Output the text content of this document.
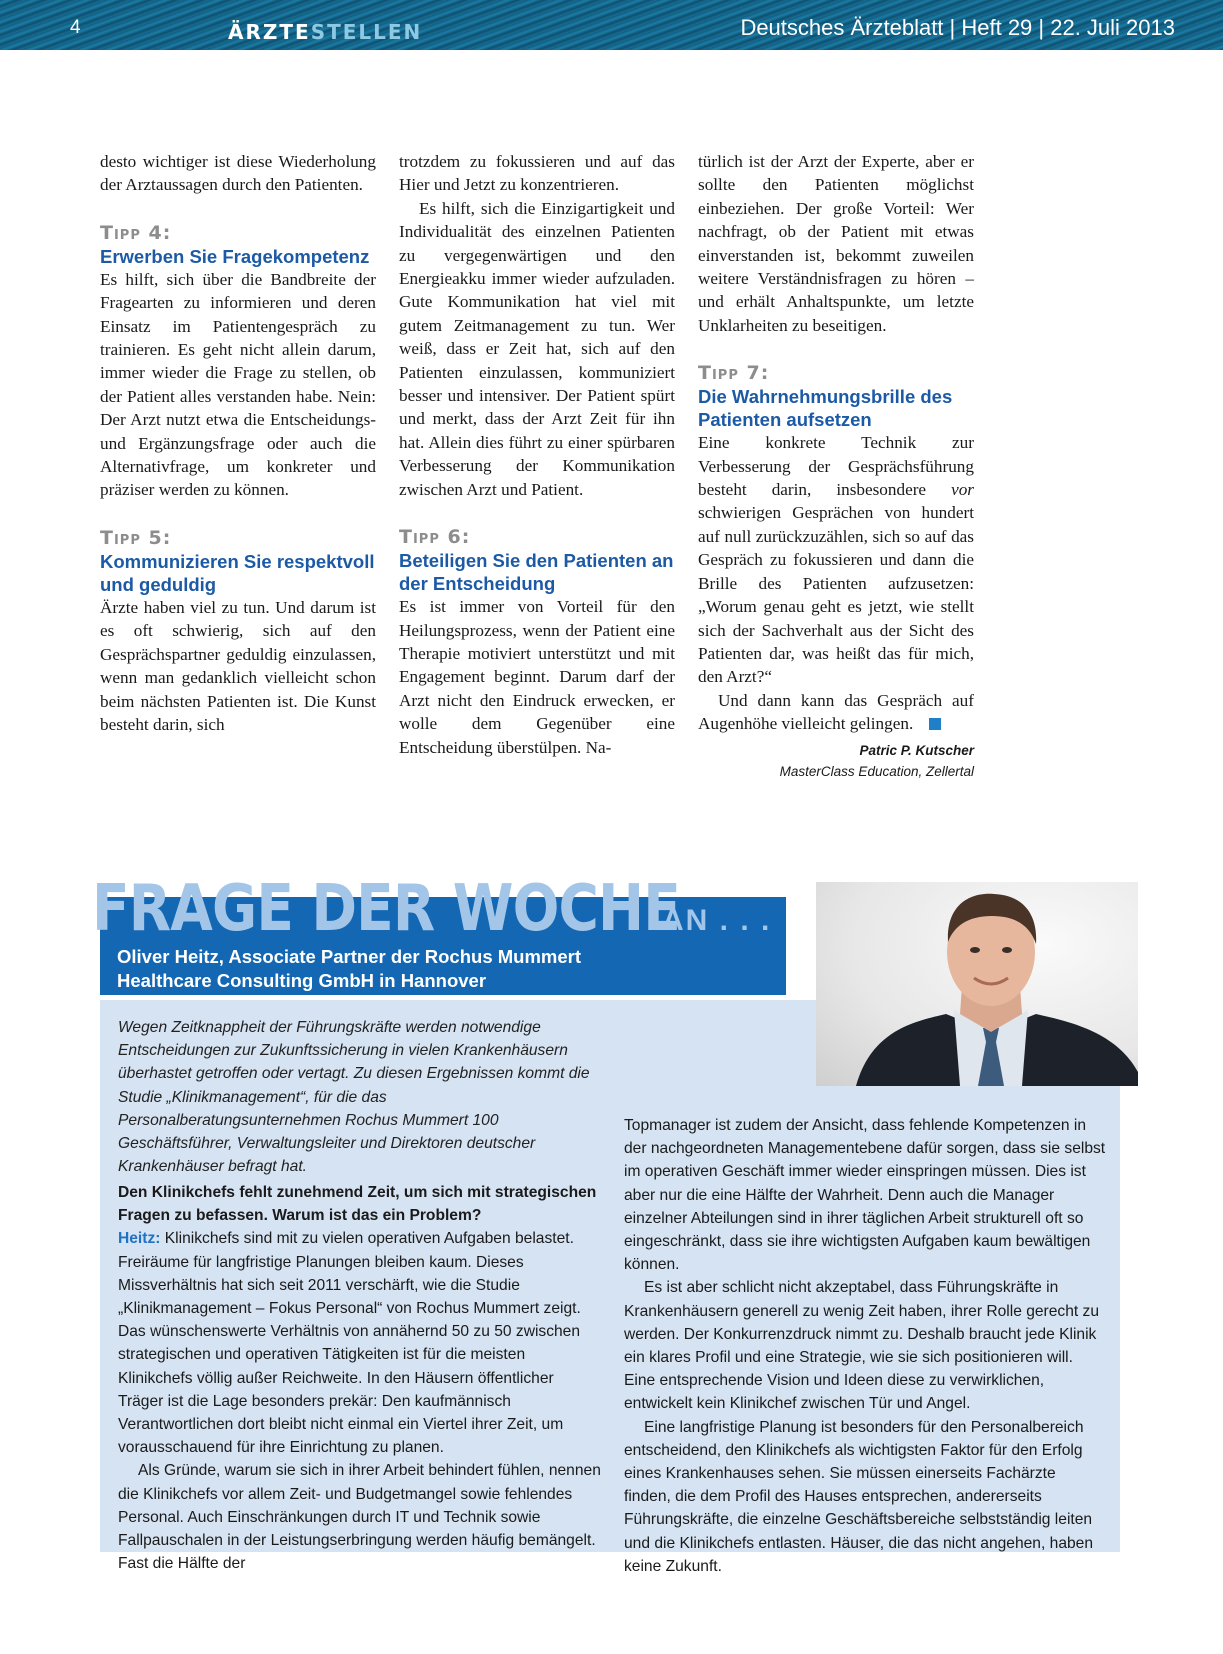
4	ÄRZTESTELLEN	Deutsches Ärzteblatt | Heft 29 | 22. Juli 2013

desto wichtiger ist diese Wiederholung der Arztaussagen durch den Patienten.

Tipp 4:
Erwerben Sie Fragekompetenz

Es hilft, sich über die Bandbreite der Fragearten zu informieren und deren Einsatz im Patientengespräch zu trainieren. Es geht nicht allein darum, immer wieder die Frage zu stellen, ob der Patient alles verstanden habe. Nein: Der Arzt nutzt etwa die Entscheidungs- und Ergänzungsfrage oder auch die Alternativfrage, um konkreter und präziser werden zu können.

Tipp 5:
Kommunizieren Sie respektvoll und geduldig

Ärzte haben viel zu tun. Und darum ist es oft schwierig, sich auf den Gesprächspartner geduldig einzulassen, wenn man gedanklich vielleicht schon beim nächsten Patienten ist. Die Kunst besteht darin, sich

trotzdem zu fokussieren und auf das Hier und Jetzt zu konzentrieren.

Es hilft, sich die Einzigartigkeit und Individualität des einzelnen Patienten zu vergegenwärtigen und den Energieakku immer wieder aufzuladen. Gute Kommunikation hat viel mit gutem Zeitmanagement zu tun. Wer weiß, dass er Zeit hat, sich auf den Patienten einzulassen, kommuniziert besser und intensiver. Der Patient spürt und merkt, dass der Arzt Zeit für ihn hat. Allein dies führt zu einer spürbaren Verbesserung der Kommunikation zwischen Arzt und Patient.

Tipp 6:
Beteiligen Sie den Patienten an der Entscheidung

Es ist immer von Vorteil für den Heilungsprozess, wenn der Patient eine Therapie motiviert unterstützt und mit Engagement beginnt. Darum darf der Arzt nicht den Eindruck erwecken, er wolle dem Gegenüber eine Entscheidung überstülpen. Na-

türlich ist der Arzt der Experte, aber er sollte den Patienten möglichst einbeziehen. Der große Vorteil: Wer nachfragt, ob der Patient mit etwas einverstanden ist, bekommt zuweilen weitere Verständnisfragen zu hören – und erhält Anhaltspunkte, um letzte Unklarheiten zu beseitigen.

Tipp 7:
Die Wahrnehmungsbrille des Patienten aufsetzen

Eine konkrete Technik zur Verbesserung der Gesprächsführung besteht darin, insbesondere vor schwierigen Gesprächen von hundert auf null zurückzuzählen, sich so auf das Gespräch zu fokussieren und dann die Brille des Patienten aufzusetzen: „Worum genau geht es jetzt, wie stellt sich der Sachverhalt aus der Sicht des Patienten dar, was heißt das für mich, den Arzt?“

Und dann kann das Gespräch auf Augenhöhe vielleicht gelingen.

Patric P. Kutscher
MasterClass Education, Zellertal
FRAGE DER WOCHE
AN . . .
Oliver Heitz, Associate Partner der Rochus Mummert
Healthcare Consulting GmbH in Hannover
Wegen Zeitknappheit der Führungskräfte werden notwendige Entscheidungen zur Zukunftssicherung in vielen Krankenhäusern überhastet getroffen oder vertagt. Zu diesen Ergebnissen kommt die Studie „Klinikmanagement“, für die das Personalberatungsunternehmen Rochus Mummert 100 Geschäftsführer, Verwaltungsleiter und Direktoren deutscher Krankenhäuser befragt hat.

Den Klinikchefs fehlt zunehmend Zeit, um sich mit strategischen Fragen zu befassen. Warum ist das ein Problem?

Heitz: Klinikchefs sind mit zu vielen operativen Aufgaben belastet. Freiräume für langfristige Planungen bleiben kaum. Dieses Missverhältnis hat sich seit 2011 verschärft, wie die Studie „Klinikmanagement – Fokus Personal“ von Rochus Mummert zeigt. Das wünschenswerte Verhältnis von annähernd 50 zu 50 zwischen strategischen und operativen Tätigkeiten ist für die meisten Klinikchefs völlig außer Reichweite. In den Häusern öffentlicher Träger ist die Lage besonders prekär: Den kaufmännisch Verantwortlichen dort bleibt nicht einmal ein Viertel ihrer Zeit, um vorausschauend für ihre Einrichtung zu planen.

Als Gründe, warum sie sich in ihrer Arbeit behindert fühlen, nennen die Klinikchefs vor allem Zeit- und Budgetmangel sowie fehlendes Personal. Auch Einschränkungen durch IT und Technik sowie Fallpauschalen in der Leistungserbringung werden häufig bemängelt. Fast die Hälfte der

Topmanager ist zudem der Ansicht, dass fehlende Kompetenzen in der nachgeordneten Managementebene dafür sorgen, dass sie selbst im operativen Geschäft immer wieder einspringen müssen. Dies ist aber nur die eine Hälfte der Wahrheit. Denn auch die Manager einzelner Abteilungen sind in ihrer täglichen Arbeit strukturell oft so eingeschränkt, dass sie ihre wichtigsten Aufgaben kaum bewältigen können.

Es ist aber schlicht nicht akzeptabel, dass Führungskräfte in Krankenhäusern generell zu wenig Zeit haben, ihrer Rolle gerecht zu werden. Der Konkurrenzdruck nimmt zu. Deshalb braucht jede Klinik ein klares Profil und eine Strategie, wie sie sich positionieren will. Eine entsprechende Vision und Ideen diese zu verwirklichen, entwickelt kein Klinikchef zwischen Tür und Angel.

Eine langfristige Planung ist besonders für den Personalbereich entscheidend, den Klinikchefs als wichtigsten Faktor für den Erfolg eines Krankenhauses sehen. Sie müssen einerseits Fachärzte finden, die dem Profil des Hauses entsprechen, andererseits Führungskräfte, die einzelne Geschäftsbereiche selbstständig leiten und die Klinikchefs entlasten. Häuser, die das nicht angehen, haben keine Zukunft.
